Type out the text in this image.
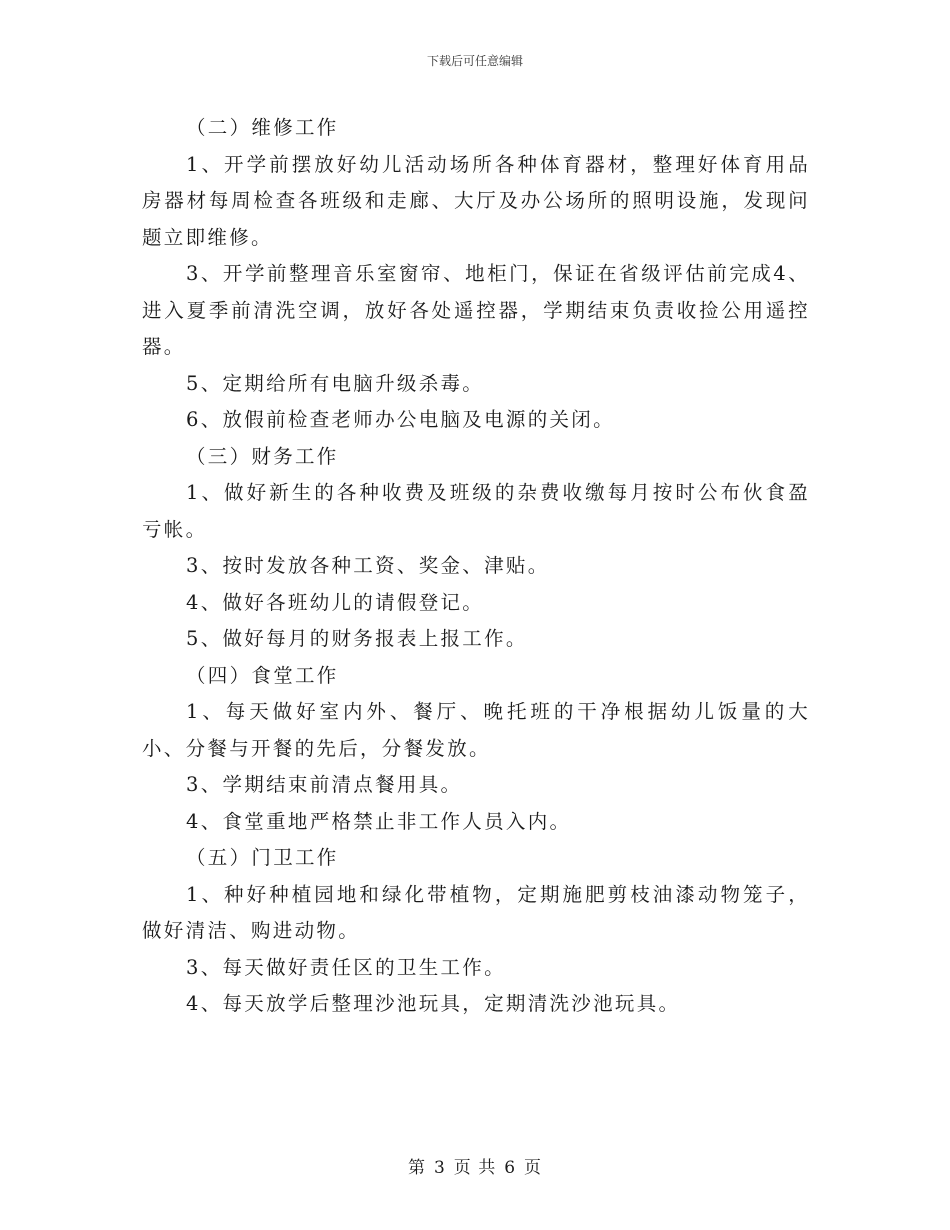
下载后可任意编辑

（二）维修工作

1、开学前摆放好幼儿活动场所各种体育器材，整理好体育用品房器材每周检查各班级和走廊、大厅及办公场所的照明设施，发现问题立即维修。

3、开学前整理音乐室窗帘、地柜门，保证在省级评估前完成4、进入夏季前清洗空调，放好各处遥控器，学期结束负责收捡公用遥控器。

5、定期给所有电脑升级杀毒。

6、放假前检查老师办公电脑及电源的关闭。

（三）财务工作

1、做好新生的各种收费及班级的杂费收缴每月按时公布伙食盈亏帐。

3、按时发放各种工资、奖金、津贴。

4、做好各班幼儿的请假登记。

5、做好每月的财务报表上报工作。

（四）食堂工作

1、每天做好室内外、餐厅、晚托班的干净根据幼儿饭量的大小、分餐与开餐的先后，分餐发放。

3、学期结束前清点餐用具。

4、食堂重地严格禁止非工作人员入内。

（五）门卫工作

1、种好种植园地和绿化带植物，定期施肥剪枝油漆动物笼子，做好清洁、购进动物。

3、每天做好责任区的卫生工作。

4、每天放学后整理沙池玩具，定期清洗沙池玩具。

第 3 页 共 6 页
